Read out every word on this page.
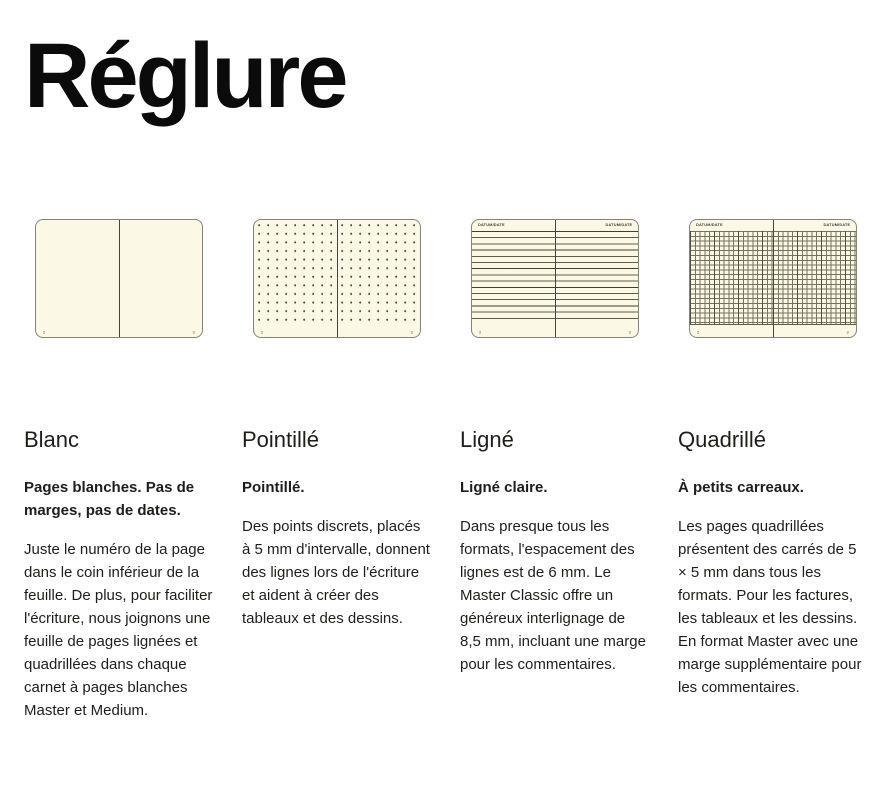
Réglure
2	3
Blanc

Pages blanches. Pas de marges, pas de dates.

Juste le numéro de la page dans le coin inférieur de la feuille. De plus, pour faciliter l'écriture, nous joignons une feuille de pages lignées et quadrillées dans chaque carnet à pages blanches Master et Medium.

2	3
Pointillé

Pointillé.

Des points discrets, placés à 5 mm d'intervalle, donnent des lignes lors de l'écriture et aident à créer des tableaux et des dessins.

DATUM/DATE
2
DATUM/DATE
3
Ligné

Ligné claire.

Dans presque tous les formats, l'espacement des lignes est de 6 mm. Le Master Classic offre un généreux interlignage de 8,5 mm, incluant une marge pour les commentaires.

DATUM/DATE
2
DATUM/DATE
3
Quadrillé

À petits carreaux.

Les pages quadrillées présentent des carrés de 5 × 5 mm dans tous les formats. Pour les factures, les tableaux et les dessins. En format Master avec une marge supplémentaire pour les commentaires.
